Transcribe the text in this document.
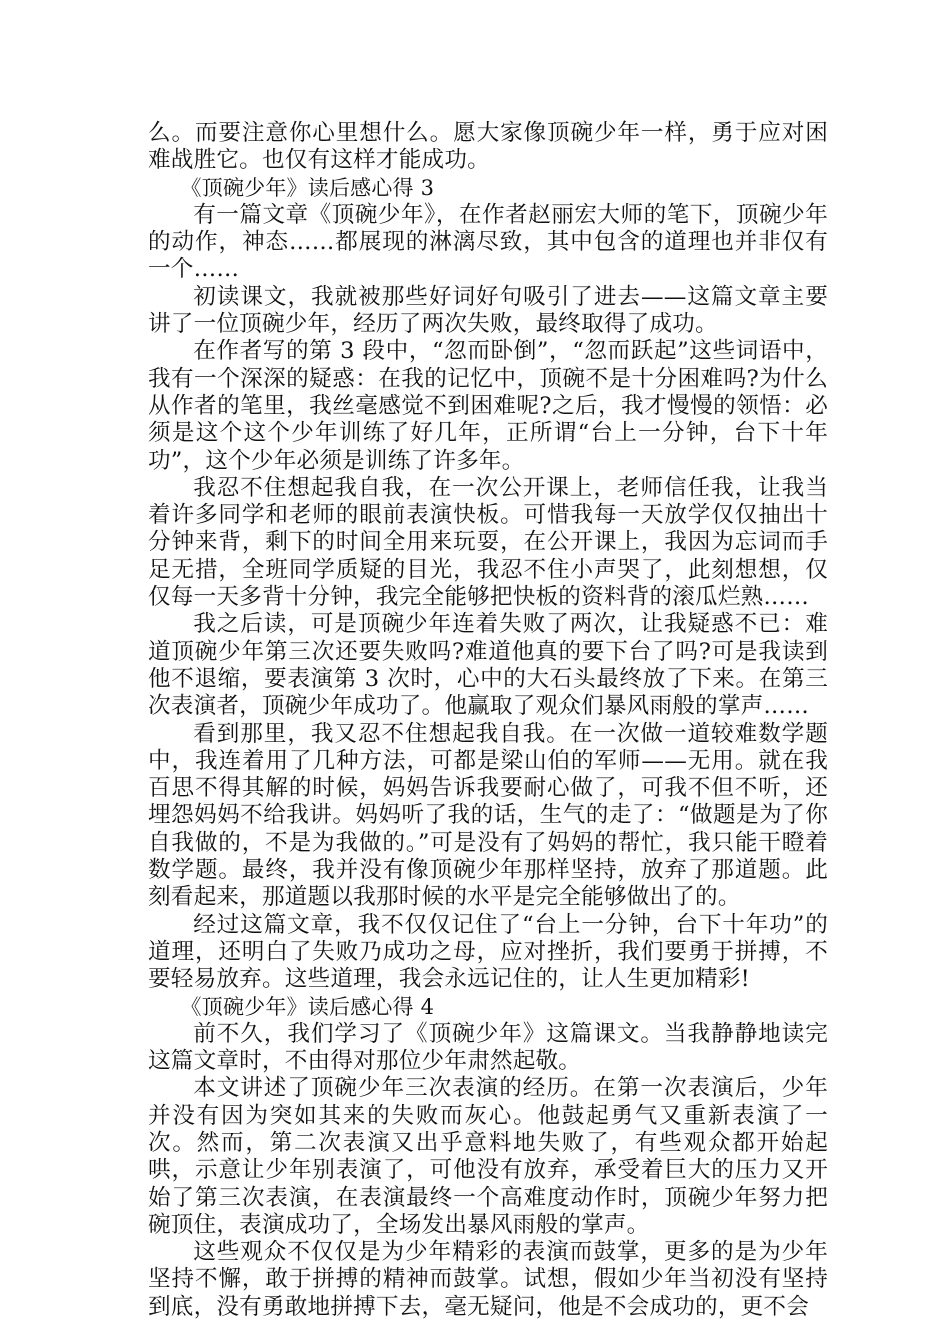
么。而要注意你心里想什么。愿大家像顶碗少年一样，勇于应对困难战胜它。也仅有这样才能成功。

《顶碗少年》读后感心得 3

有一篇文章《顶碗少年》，在作者赵丽宏大师的笔下，顶碗少年的动作，神态……都展现的淋漓尽致，其中包含的道理也并非仅有一个……

初读课文，我就被那些好词好句吸引了进去——这篇文章主要讲了一位顶碗少年，经历了两次失败，最终取得了成功。

在作者写的第 3 段中，“忽而卧倒”，“忽而跃起”这些词语中，我有一个深深的疑惑：在我的记忆中，顶碗不是十分困难吗?为什么从作者的笔里，我丝毫感觉不到困难呢?之后，我才慢慢的领悟：必须是这个这个少年训练了好几年，正所谓“台上一分钟，台下十年功”，这个少年必须是训练了许多年。

我忍不住想起我自我，在一次公开课上，老师信任我，让我当着许多同学和老师的眼前表演快板。可惜我每一天放学仅仅抽出十分钟来背，剩下的时间全用来玩耍，在公开课上，我因为忘词而手足无措，全班同学质疑的目光，我忍不住小声哭了，此刻想想，仅仅每一天多背十分钟，我完全能够把快板的资料背的滚瓜烂熟……

我之后读，可是顶碗少年连着失败了两次，让我疑惑不已：难道顶碗少年第三次还要失败吗?难道他真的要下台了吗?可是我读到他不退缩，要表演第 3 次时，心中的大石头最终放了下来。在第三次表演者，顶碗少年成功了。他赢取了观众们暴风雨般的掌声……

看到那里，我又忍不住想起我自我。在一次做一道较难数学题中，我连着用了几种方法，可都是梁山伯的军师——无用。就在我百思不得其解的时候，妈妈告诉我要耐心做了，可我不但不听，还埋怨妈妈不给我讲。妈妈听了我的话，生气的走了：“做题是为了你自我做的，不是为我做的。”可是没有了妈妈的帮忙，我只能干瞪着数学题。最终，我并没有像顶碗少年那样坚持，放弃了那道题。此刻看起来，那道题以我那时候的水平是完全能够做出了的。

经过这篇文章，我不仅仅记住了“台上一分钟，台下十年功”的道理，还明白了失败乃成功之母，应对挫折，我们要勇于拼搏，不要轻易放弃。这些道理，我会永远记住的，让人生更加精彩!

《顶碗少年》读后感心得 4

前不久，我们学习了《顶碗少年》这篇课文。当我静静地读完这篇文章时，不由得对那位少年肃然起敬。

本文讲述了顶碗少年三次表演的经历。在第一次表演后，少年并没有因为突如其来的失败而灰心。他鼓起勇气又重新表演了一次。然而，第二次表演又出乎意料地失败了，有些观众都开始起哄，示意让少年别表演了，可他没有放弃，承受着巨大的压力又开始了第三次表演，在表演最终一个高难度动作时，顶碗少年努力把碗顶住，表演成功了，全场发出暴风雨般的掌声。

这些观众不仅仅是为少年精彩的表演而鼓掌，更多的是为少年坚持不懈，敢于拼搏的精神而鼓掌。试想，假如少年当初没有坚持到底，没有勇敢地拼搏下去，毫无疑问，他是不会成功的，更不会
